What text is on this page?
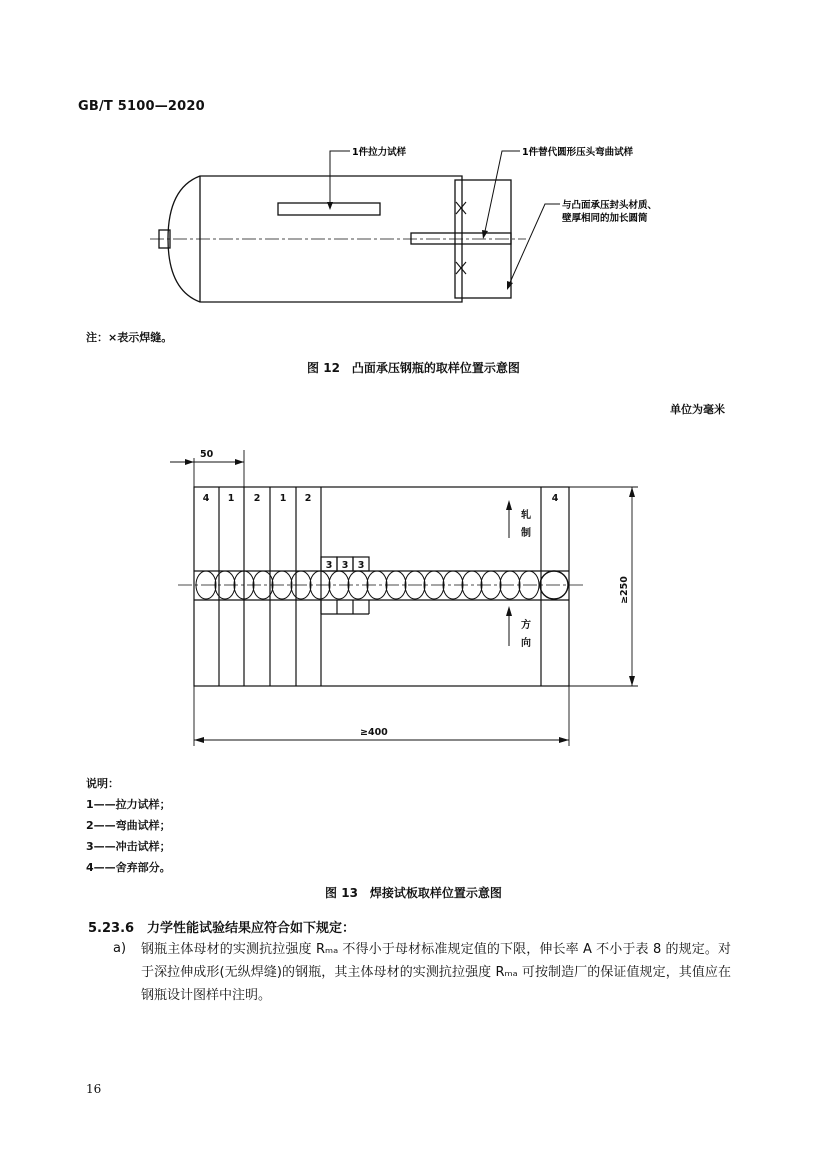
GB/T 5100—2020
1件拉力试样	1件替代圆形压头弯曲试样
与凸面承压封头材质、
壁厚相同的加长圆筒
注：×表示焊缝。
图 12　凸面承压钢瓶的取样位置示意图
单位为毫米
4 1 2 1 2	4
3 3 3
轧
制
方
向
50
≥400
≥250
说明：
1——拉力试样；
2——弯曲试样；
3——冲击试样；
4——舍弃部分。
图 13　焊接试板取样位置示意图
5.23.6　力学性能试验结果应符合如下规定：
a) 钢瓶主体母材的实测抗拉强度 Rₘₐ 不得小于母材标准规定值的下限，伸长率 A 不小于表 8 的规定。对于深拉伸成形(无纵焊缝)的钢瓶，其主体母材的实测抗拉强度 Rₘₐ 可按制造厂的保证值规定，其值应在钢瓶设计图样中注明。
16
